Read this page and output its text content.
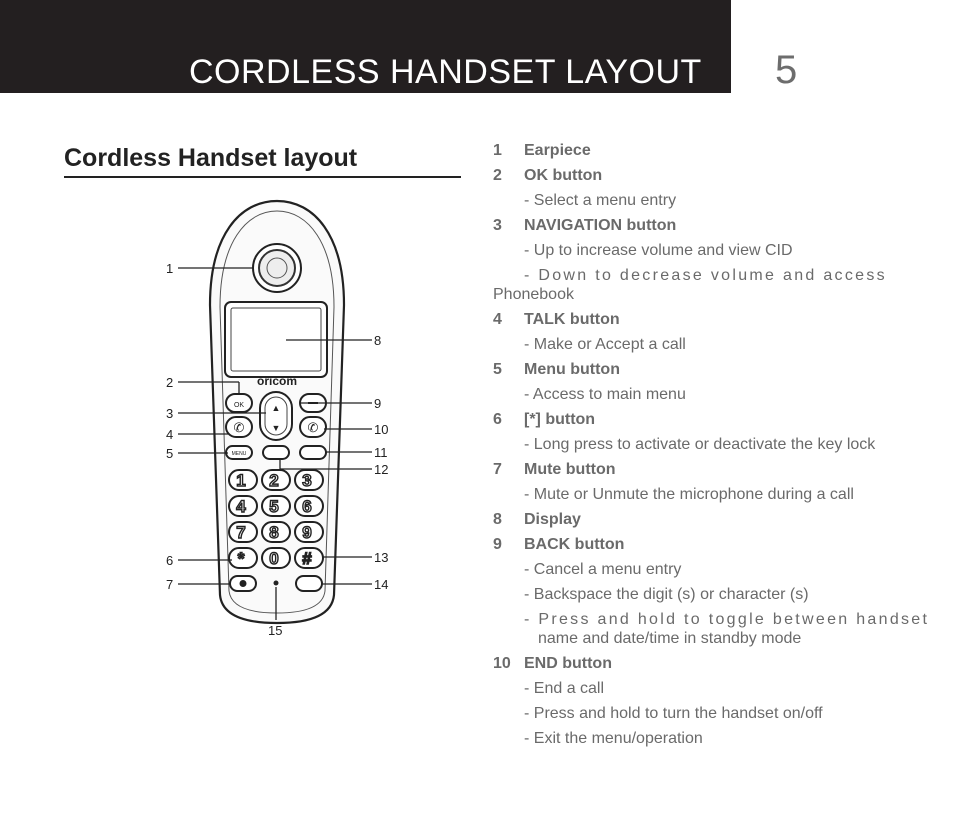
CORDLESS HANDSET LAYOUT 5
Cordless Handset layout
oricom
OK
✆	✆
▲
▼
MENU
1 2 3
4 5 6
7 8 9
* 0 #
1
2
3
4
5
6
7
8
9
10
11
12
13
14
15
1 Earpiece
2 OK button
- Select a menu entry
3 NAVIGATION button
- Up to increase volume and view CID
- Down to decrease volume and access
Phonebook
4 TALK button
- Make or Accept a call
5 Menu button
- Access to main menu
6 [*] button
- Long press to activate or deactivate the key lock
7 Mute button
- Mute or Unmute the microphone during a call
8 Display
9 BACK button
- Cancel a menu entry
- Backspace the digit (s) or character (s)
- Press and hold to toggle between handset
name and date/time in standby mode
10 END button
- End a call
- Press and hold to turn the handset on/off
- Exit the menu/operation
